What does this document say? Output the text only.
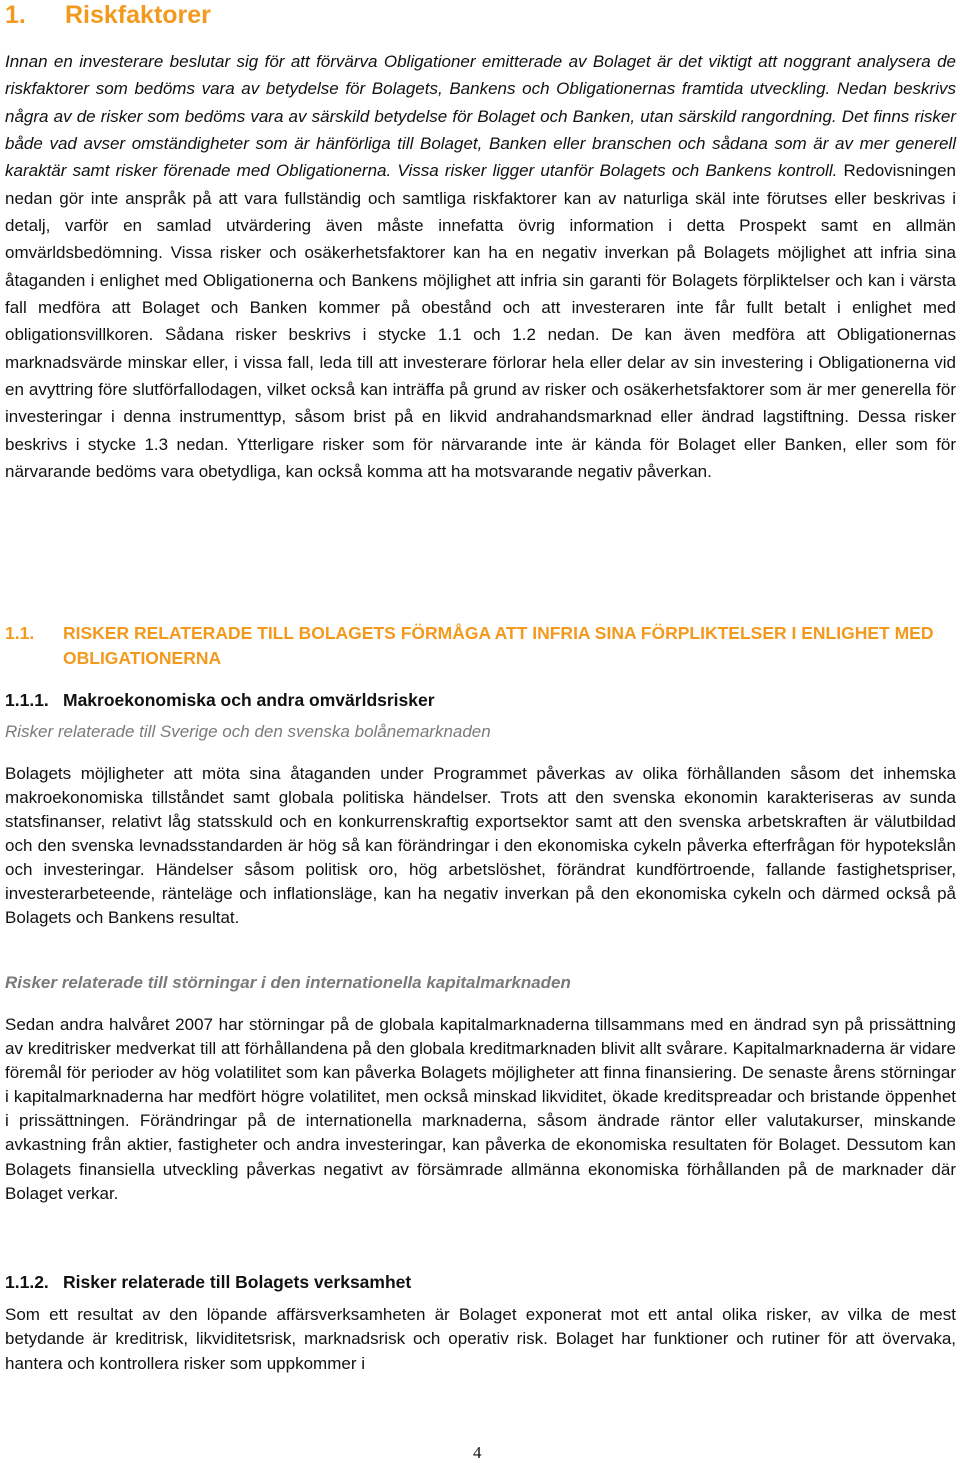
1. Riskfaktorer

Innan en investerare beslutar sig för att förvärva Obligationer emitterade av Bolaget är det viktigt att noggrant analysera de riskfaktorer som bedöms vara av betydelse för Bolagets, Bankens och Obligationernas framtida utveckling. Nedan beskrivs några av de risker som bedöms vara av särskild betydelse för Bolaget och Banken, utan särskild rangordning. Det finns risker både vad avser omständigheter som är hänförliga till Bolaget, Banken eller branschen och sådana som är av mer generell karaktär samt risker förenade med Obligationerna. Vissa risker ligger utanför Bolagets och Bankens kontroll. Redovisningen nedan gör inte anspråk på att vara fullständig och samtliga riskfaktorer kan av naturliga skäl inte förutses eller beskrivas i detalj, varför en samlad utvärdering även måste innefatta övrig information i detta Prospekt samt en allmän omvärldsbedömning. Vissa risker och osäkerhetsfaktorer kan ha en negativ inverkan på Bolagets möjlighet att infria sina åtaganden i enlighet med Obligationerna och Bankens möjlighet att infria sin garanti för Bolagets förpliktelser och kan i värsta fall medföra att Bolaget och Banken kommer på obestånd och att investeraren inte får fullt betalt i enlighet med obligationsvillkoren. Sådana risker beskrivs i stycke 1.1 och 1.2 nedan. De kan även medföra att Obligationernas marknadsvärde minskar eller, i vissa fall, leda till att investerare förlorar hela eller delar av sin investering i Obligationerna vid en avyttring före slutförfallodagen, vilket också kan inträffa på grund av risker och osäkerhetsfaktorer som är mer generella för investeringar i denna instrumenttyp, såsom brist på en likvid andrahandsmarknad eller ändrad lagstiftning. Dessa risker beskrivs i stycke 1.3 nedan. Ytterligare risker som för närvarande inte är kända för Bolaget eller Banken, eller som för närvarande bedöms vara obetydliga, kan också komma att ha motsvarande negativ påverkan.

1.1. RISKER RELATERADE TILL BOLAGETS FÖRMÅGA ATT INFRIA SINA FÖRPLIKTELSER I ENLIGHET MED OBLIGATIONERNA
1.1.1. Makroekonomiska och andra omvärldsrisker
Risker relaterade till Sverige och den svenska bolånemarknaden

Bolagets möjligheter att möta sina åtaganden under Programmet påverkas av olika förhållanden såsom det inhemska makroekonomiska tillståndet samt globala politiska händelser. Trots att den svenska ekonomin karakteriseras av sunda statsfinanser, relativt låg statsskuld och en konkurrenskraftig exportsektor samt att den svenska arbetskraften är välutbildad och den svenska levnadsstandarden är hög så kan förändringar i den ekonomiska cykeln påverka efterfrågan för hypotekslån och investeringar. Händelser såsom politisk oro, hög arbetslöshet, förändrat kundförtroende, fallande fastighetspriser, investerarbeteende, ränteläge och inflationsläge, kan ha negativ inverkan på den ekonomiska cykeln och därmed också på Bolagets och Bankens resultat.

Risker relaterade till störningar i den internationella kapitalmarknaden

Sedan andra halvåret 2007 har störningar på de globala kapitalmarknaderna tillsammans med en ändrad syn på prissättning av kreditrisker medverkat till att förhållandena på den globala kreditmarknaden blivit allt svårare. Kapitalmarknaderna är vidare föremål för perioder av hög volatilitet som kan påverka Bolagets möjligheter att finna finansiering. De senaste årens störningar i kapitalmarknaderna har medfört högre volatilitet, men också minskad likviditet, ökade kreditspreadar och bristande öppenhet i prissättningen. Förändringar på de internationella marknaderna, såsom ändrade räntor eller valutakurser, minskande avkastning från aktier, fastigheter och andra investeringar, kan påverka de ekonomiska resultaten för Bolaget. Dessutom kan Bolagets finansiella utveckling påverkas negativt av försämrade allmänna ekonomiska förhållanden på de marknader där Bolaget verkar.

1.1.2. Risker relaterade till Bolagets verksamhet

Som ett resultat av den löpande affärsverksamheten är Bolaget exponerat mot ett antal olika risker, av vilka de mest betydande är kreditrisk, likviditetsrisk, marknadsrisk och operativ risk. Bolaget har funktioner och rutiner för att övervaka, hantera och kontrollera risker som uppkommer i

4
